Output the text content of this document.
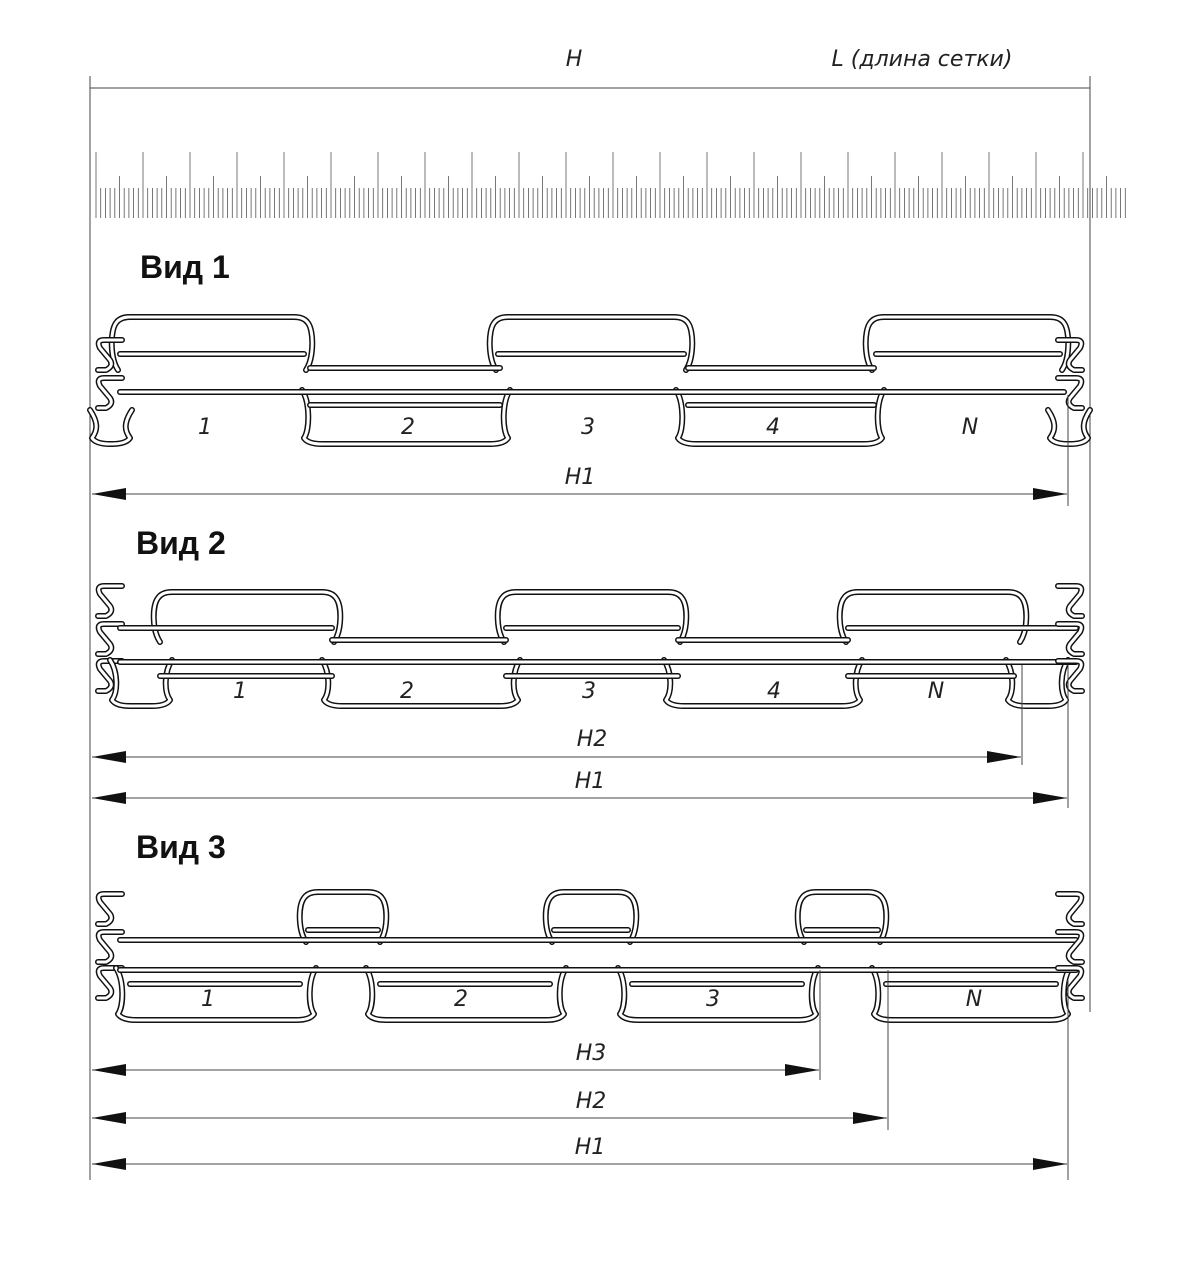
H	L (длина сетки)
Вид 1
1	2	3	4	N
H1
Вид 2
1	2	3	4	N
H2
H1
Вид 3
1	2	3	N
H3
H2
H1
